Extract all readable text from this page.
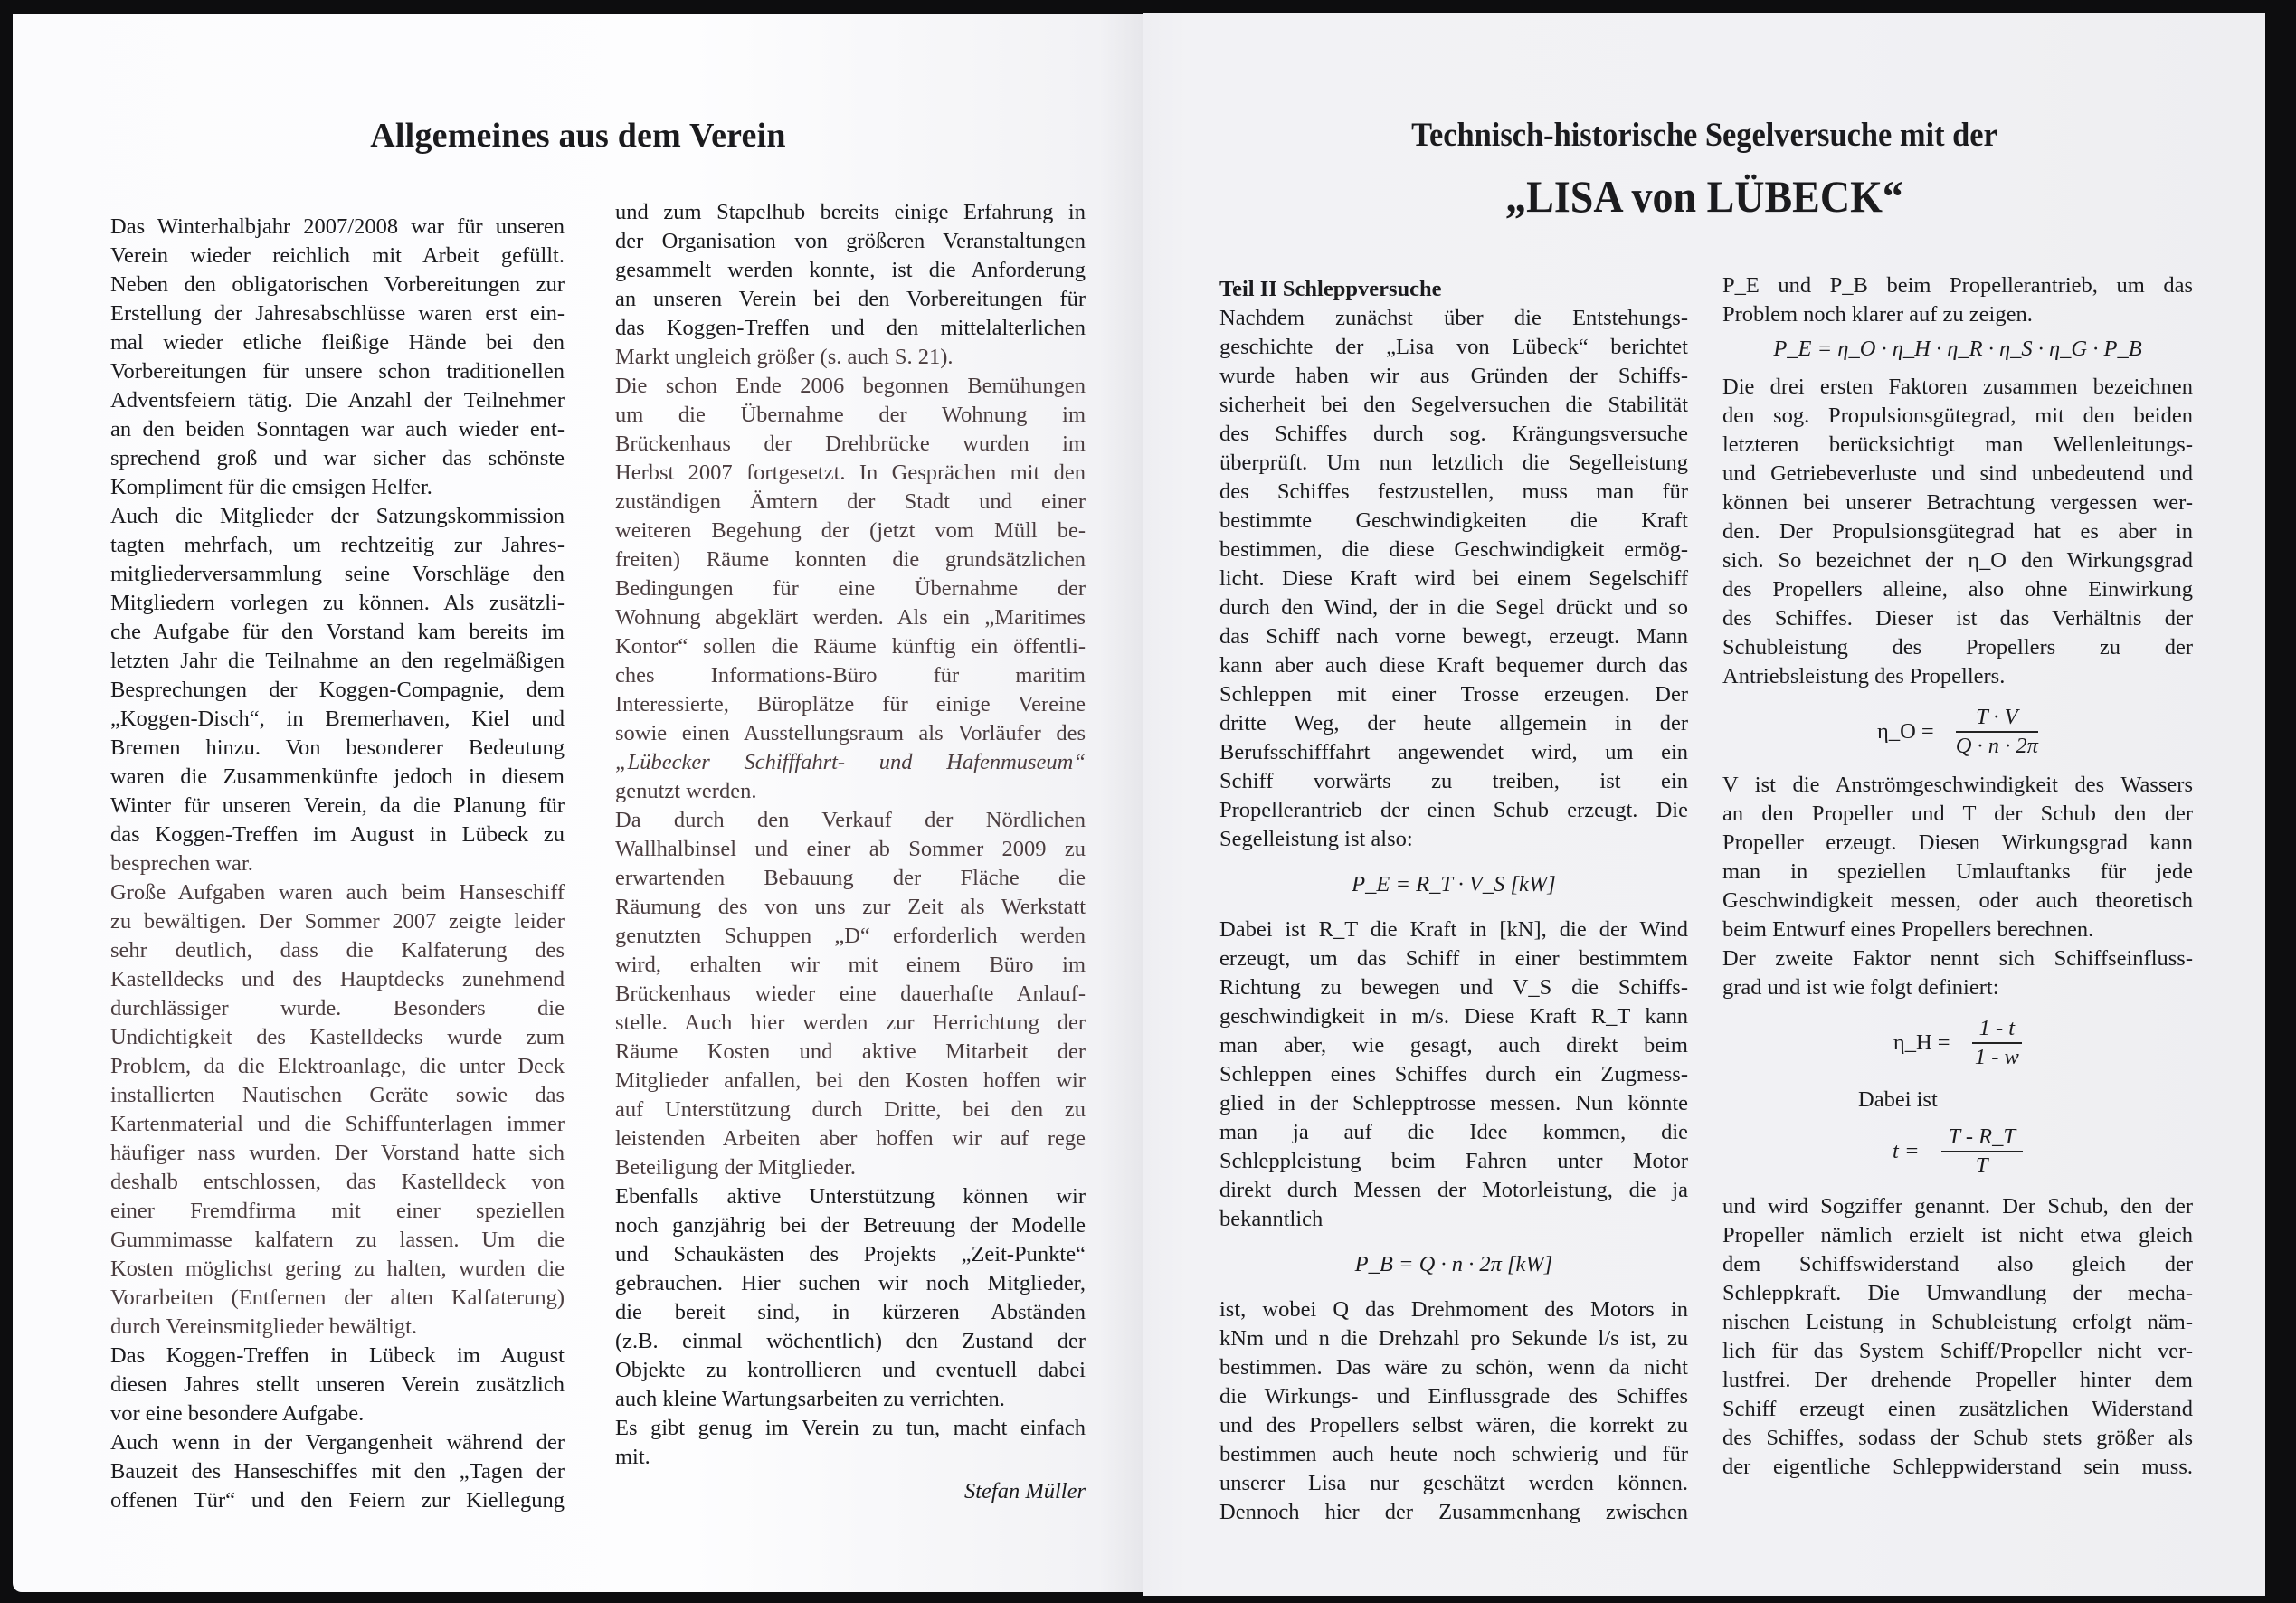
Allgemeines aus dem Verein
Das Winterhalbjahr 2007/2008 war für unseren
Verein wieder reichlich mit Arbeit gefüllt.
Neben den obligatorischen Vorbereitungen zur
Erstellung der Jahresabschlüsse waren erst ein-
mal wieder etliche fleißige Hände bei den
Vorbereitungen für unsere schon traditionellen
Adventsfeiern tätig. Die Anzahl der Teilnehmer
an den beiden Sonntagen war auch wieder ent-
sprechend groß und war sicher das schönste
Kompliment für die emsigen Helfer.
Auch die Mitglieder der Satzungskommission
tagten mehrfach, um rechtzeitig zur Jahres-
mitgliederversammlung seine Vorschläge den
Mitgliedern vorlegen zu können. Als zusätzli-
che Aufgabe für den Vorstand kam bereits im
letzten Jahr die Teilnahme an den regelmäßigen
Besprechungen der Koggen-Compagnie, dem
„Koggen-Disch“, in Bremerhaven, Kiel und
Bremen hinzu. Von besonderer Bedeutung
waren die Zusammenkünfte jedoch in diesem
Winter für unseren Verein, da die Planung für
das Koggen-Treffen im August in Lübeck zu
besprechen war.
Große Aufgaben waren auch beim Hanseschiff
zu bewältigen. Der Sommer 2007 zeigte leider
sehr deutlich, dass die Kalfaterung des
Kastelldecks und des Hauptdecks zunehmend
durchlässiger wurde. Besonders die
Undichtigkeit des Kastelldecks wurde zum
Problem, da die Elektroanlage, die unter Deck
installierten Nautischen Geräte sowie das
Kartenmaterial und die Schiffunterlagen immer
häufiger nass wurden. Der Vorstand hatte sich
deshalb entschlossen, das Kastelldeck von
einer Fremdfirma mit einer speziellen
Gummimasse kalfatern zu lassen. Um die
Kosten möglichst gering zu halten, wurden die
Vorarbeiten (Entfernen der alten Kalfaterung)
durch Vereinsmitglieder bewältigt.
Das Koggen-Treffen in Lübeck im August
diesen Jahres stellt unseren Verein zusätzlich
vor eine besondere Aufgabe.
Auch wenn in der Vergangenheit während der
Bauzeit des Hanseschiffes mit den „Tagen der
offenen Tür“ und den Feiern zur Kiellegung
und zum Stapelhub bereits einige Erfahrung in
der Organisation von größeren Veranstaltungen
gesammelt werden konnte, ist die Anforderung
an unseren Verein bei den Vorbereitungen für
das Koggen-Treffen und den mittelalterlichen
Markt ungleich größer (s. auch S. 21).
Die schon Ende 2006 begonnen Bemühungen
um die Übernahme der Wohnung im
Brückenhaus der Drehbrücke wurden im
Herbst 2007 fortgesetzt. In Gesprächen mit den
zuständigen Ämtern der Stadt und einer
weiteren Begehung der (jetzt vom Müll be-
freiten) Räume konnten die grundsätzlichen
Bedingungen für eine Übernahme der
Wohnung abgeklärt werden. Als ein „Maritimes
Kontor“ sollen die Räume künftig ein öffentli-
ches Informations-Büro für maritim
Interessierte, Büroplätze für einige Vereine
sowie einen Ausstellungsraum als Vorläufer des
„Lübecker Schifffahrt- und Hafenmuseum“
genutzt werden.
Da durch den Verkauf der Nördlichen
Wallhalbinsel und einer ab Sommer 2009 zu
erwartenden Bebauung der Fläche die
Räumung des von uns zur Zeit als Werkstatt
genutzten Schuppen „D“ erforderlich werden
wird, erhalten wir mit einem Büro im
Brückenhaus wieder eine dauerhafte Anlauf-
stelle. Auch hier werden zur Herrichtung der
Räume Kosten und aktive Mitarbeit der
Mitglieder anfallen, bei den Kosten hoffen wir
auf Unterstützung durch Dritte, bei den zu
leistenden Arbeiten aber hoffen wir auf rege
Beteiligung der Mitglieder.
Ebenfalls aktive Unterstützung können wir
noch ganzjährig bei der Betreuung der Modelle
und Schaukästen des Projekts „Zeit-Punkte“
gebrauchen. Hier suchen wir noch Mitglieder,
die bereit sind, in kürzeren Abständen
(z.B. einmal wöchentlich) den Zustand der
Objekte zu kontrollieren und eventuell dabei
auch kleine Wartungsarbeiten zu verrichten.
Es gibt genug im Verein zu tun, macht einfach
mit.
Stefan Müller
Technisch-historische Segelversuche mit der
„LISA von LÜBECK“
Teil II Schleppversuche
Nachdem zunächst über die Entstehungs-
geschichte der „Lisa von Lübeck“ berichtet
wurde haben wir aus Gründen der Schiffs-
sicherheit bei den Segelversuchen die Stabilität
des Schiffes durch sog. Krängungsversuche
überprüft. Um nun letztlich die Segelleistung
des Schiffes festzustellen, muss man für
bestimmte Geschwindigkeiten die Kraft
bestimmen, die diese Geschwindigkeit ermög-
licht. Diese Kraft wird bei einem Segelschiff
durch den Wind, der in die Segel drückt und so
das Schiff nach vorne bewegt, erzeugt. Mann
kann aber auch diese Kraft bequemer durch das
Schleppen mit einer Trosse erzeugen. Der
dritte Weg, der heute allgemein in der
Berufsschifffahrt angewendet wird, um ein
Schiff vorwärts zu treiben, ist ein
Propellerantrieb der einen Schub erzeugt. Die
Segelleistung ist also:
P_E = R_T · V_S [kW]
Dabei ist R_T die Kraft in [kN], die der Wind
erzeugt, um das Schiff in einer bestimmtem
Richtung zu bewegen und V_S die Schiffs-
geschwindigkeit in m/s. Diese Kraft R_T kann
man aber, wie gesagt, auch direkt beim
Schleppen eines Schiffes durch ein Zugmess-
glied in der Schlepptrosse messen. Nun könnte
man ja auf die Idee kommen, die
Schleppleistung beim Fahren unter Motor
direkt durch Messen der Motorleistung, die ja
bekanntlich
P_B = Q · n · 2π [kW]
ist, wobei Q das Drehmoment des Motors in
kNm und n die Drehzahl pro Sekunde l/s ist, zu
bestimmen. Das wäre zu schön, wenn da nicht
die Wirkungs- und Einflussgrade des Schiffes
und des Propellers selbst wären, die korrekt zu
bestimmen auch heute noch schwierig und für
unserer Lisa nur geschätzt werden können.
Dennoch hier der Zusammenhang zwischen
P_E und P_B beim Propellerantrieb, um das
Problem noch klarer auf zu zeigen.
P_E = η_O · η_H · η_R · η_S · η_G · P_B
Die drei ersten Faktoren zusammen bezeichnen
den sog. Propulsionsgütegrad, mit den beiden
letzteren berücksichtigt man Wellenleitungs-
und Getriebeverluste und sind unbedeutend und
können bei unserer Betrachtung vergessen wer-
den. Der Propulsionsgütegrad hat es aber in
sich. So bezeichnet der η_O den Wirkungsgrad
des Propellers alleine, also ohne Einwirkung
des Schiffes. Dieser ist das Verhältnis der
Schubleistung des Propellers zu der
Antriebsleistung des Propellers.
η_O = $\frac{T \cdot V}{Q \cdot n \cdot 2\pi}$
V ist die Anströmgeschwindigkeit des Wassers
an den Propeller und T der Schub den der
Propeller erzeugt. Diesen Wirkungsgrad kann
man in speziellen Umlauftanks für jede
Geschwindigkeit messen, oder auch theoretisch
beim Entwurf eines Propellers berechnen.
Der zweite Faktor nennt sich Schiffseinfluss-
grad und ist wie folgt definiert:
η_H = $\frac{1 - t}{1 - w}$
Dabei ist
$t = \frac{T - R\_T}{T}$
und wird Sogziffer genannt. Der Schub, den der
Propeller nämlich erzielt ist nicht etwa gleich
dem Schiffswiderstand also gleich der
Schleppkraft. Die Umwandlung der mecha-
nischen Leistung in Schubleistung erfolgt näm-
lich für das System Schiff/Propeller nicht ver-
lustfrei. Der drehende Propeller hinter dem
Schiff erzeugt einen zusätzlichen Widerstand
des Schiffes, sodass der Schub stets größer als
der eigentliche Schleppwiderstand sein muss.
